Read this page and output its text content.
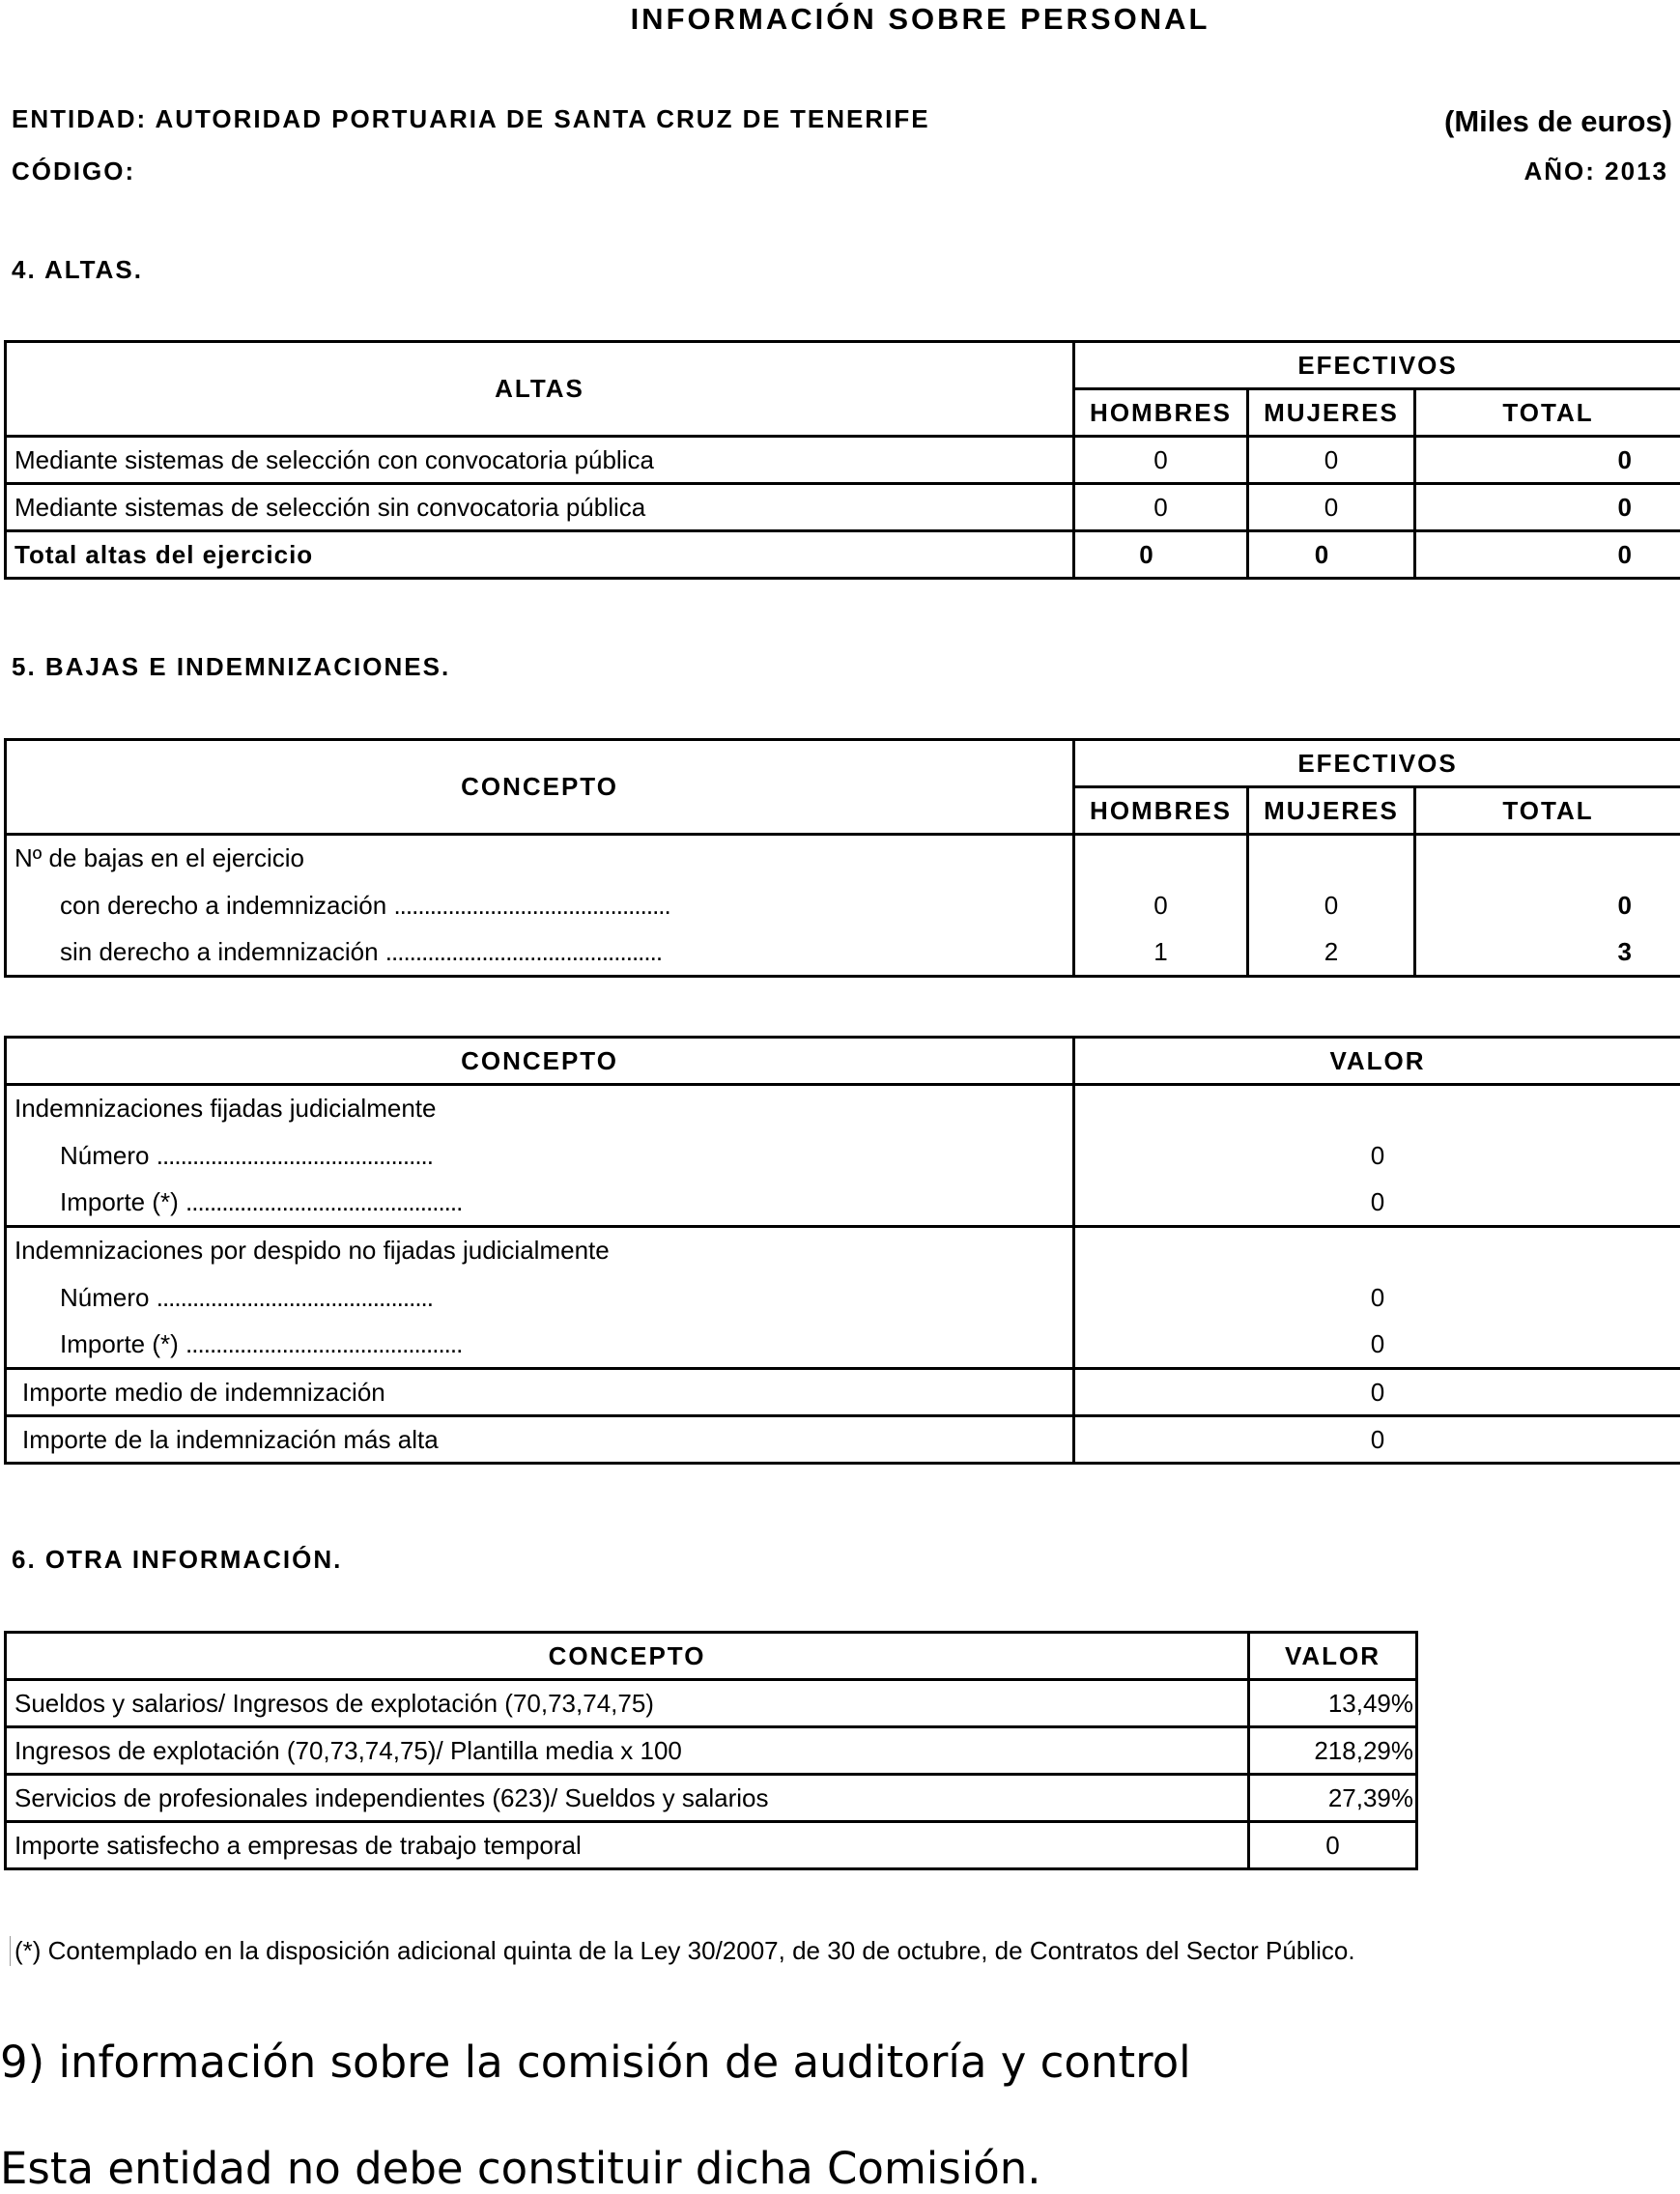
INFORMACIÓN SOBRE PERSONAL
ENTIDAD: AUTORIDAD PORTUARIA DE SANTA CRUZ DE TENERIFE	(Miles de euros)
CÓDIGO:	AÑO: 2013
4. ALTAS.
ALTAS	EFECTIVOS		
	HOMBRES	MUJERES	TOTAL
Mediante sistemas de selección con convocatoria pública	0	0	0
Mediante sistemas de selección sin convocatoria pública	0	0	0
Total altas del ejercicio	0	0	0
5. BAJAS E INDEMNIZACIONES.
CONCEPTO	EFECTIVOS		
	HOMBRES	MUJERES	TOTAL
Nº de bajas en el ejercicio			
con derecho a indemnización ..............................................	0	0	0
sin derecho a indemnización ..............................................	1	2	3
CONCEPTO	VALOR
Indemnizaciones fijadas judicialmente	
Número ..............................................	0
Importe (*) ..............................................	0
Indemnizaciones por despido no fijadas judicialmente	
Número ..............................................	0
Importe (*) ..............................................	0
Importe medio de indemnización	0
Importe de la indemnización más alta	0
6. OTRA INFORMACIÓN.
CONCEPTO	VALOR
Sueldos y salarios/ Ingresos de explotación (70,73,74,75)	13,49%
Ingresos de explotación (70,73,74,75)/ Plantilla media x 100	218,29%
Servicios de profesionales independientes (623)/ Sueldos y salarios	27,39%
Importe satisfecho a empresas de trabajo temporal	0
(*) Contemplado en la disposición adicional quinta de la Ley 30/2007, de 30 de octubre, de Contratos del Sector Público.
9) información sobre la comisión de auditoría y control
Esta entidad no debe constituir dicha Comisión.
